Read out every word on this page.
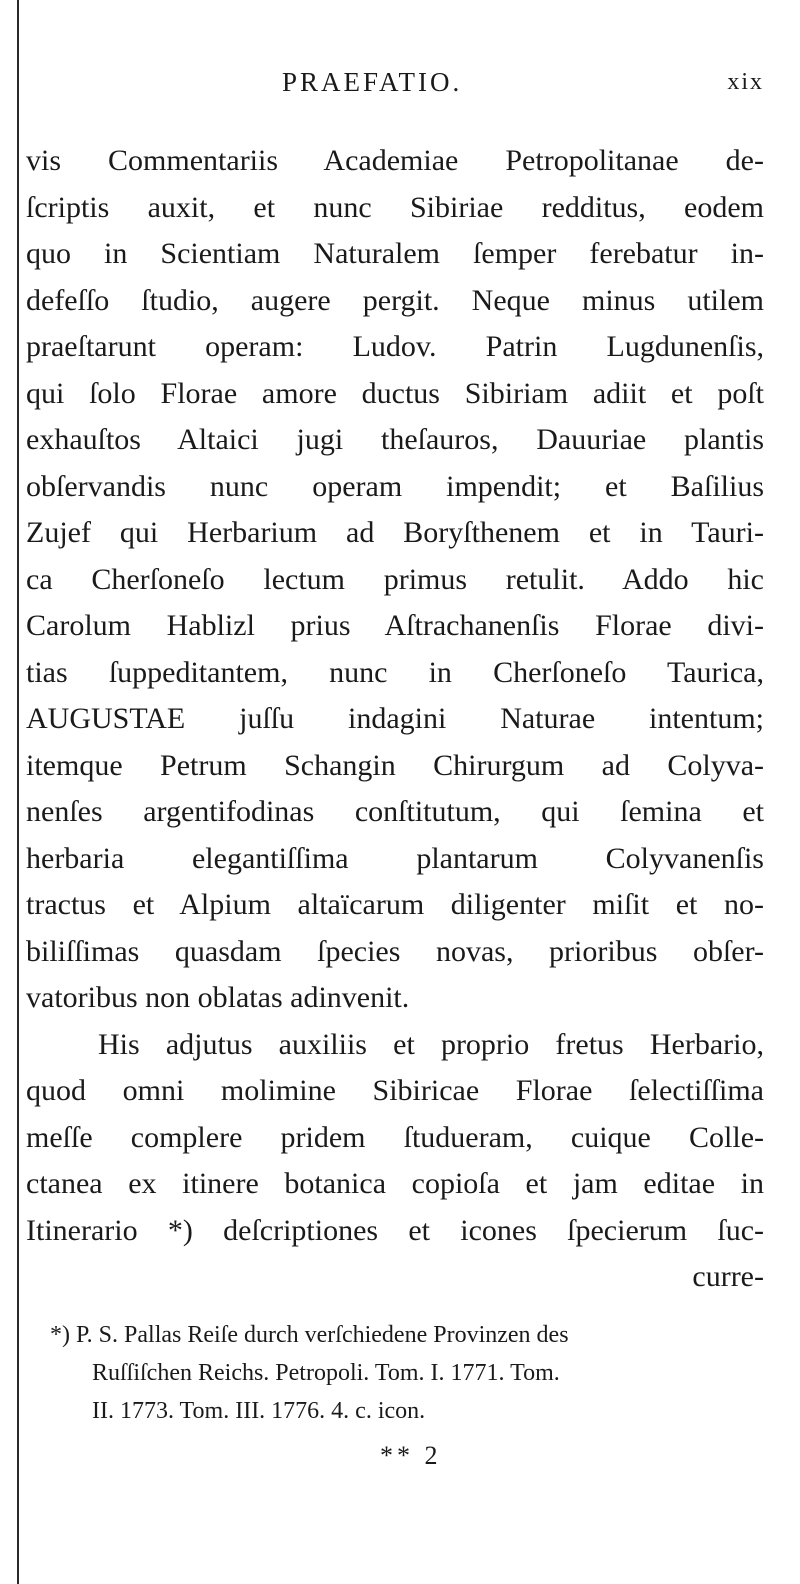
PRAEFATIO.	xix
vis Commentariis Academiae Petropolitanae de-
ſcriptis auxit, et nunc Sibiriae redditus, eodem
quo in Scientiam Naturalem ſemper ferebatur in-
defeſſo ſtudio, augere pergit. Neque minus utilem
praeſtarunt operam: Ludov. Patrin Lugdunenſis,
qui ſolo Florae amore ductus Sibiriam adiit et poſt
exhauſtos Altaici jugi theſauros, Dauuriae plantis
obſervandis nunc operam impendit; et Baſilius
Zujef qui Herbarium ad Boryſthenem et in Tauri-
ca Cherſoneſo lectum primus retulit. Addo hic
Carolum Hablizl prius Aſtrachanenſis Florae divi-
tias ſuppeditantem, nunc in Cherſoneſo Taurica,
AUGUSTAE juſſu indagini Naturae intentum;
itemque Petrum Schangin Chirurgum ad Colyva-
nenſes argentifodinas conſtitutum, qui ſemina et
herbaria elegantiſſima plantarum Colyvanenſis
tractus et Alpium altaïcarum diligenter miſit et no-
biliſſimas quasdam ſpecies novas, prioribus obſer-
vatoribus non oblatas adinvenit.
His adjutus auxiliis et proprio fretus Herbario,
quod omni molimine Sibiricae Florae ſelectiſſima
meſſe complere pridem ſtudueram, cuique Colle-
ctanea ex itinere botanica copioſa et jam editae in
Itinerario *) deſcriptiones et icones ſpecierum ſuc-
curre-
*) P. S. Pallas Reiſe durch verſchiedene Provinzen des
Ruſſiſchen Reichs. Petropoli. Tom. I. 1771. Tom.
II. 1773. Tom. III. 1776. 4. c. icon.
** 2
